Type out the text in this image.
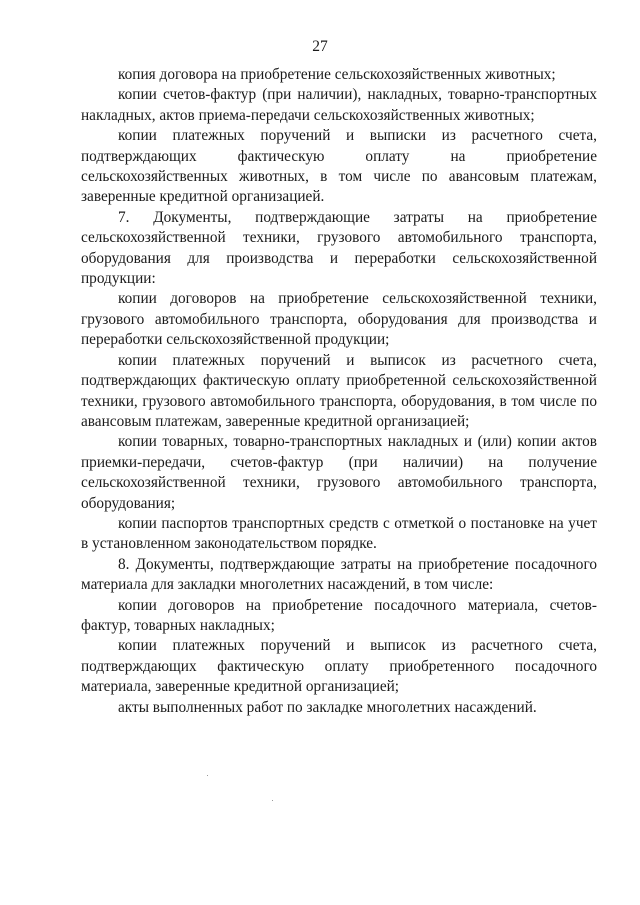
27

копия договора на приобретение сельскохозяйственных животных;

копии счетов-фактур (при наличии), накладных, товарно-транспортных накладных, актов приема-передачи сельскохозяйственных животных;

копии платежных поручений и выписки из расчетного счета, подтверждающих фактическую оплату на приобретение сельскохозяйственных животных, в том числе по авансовым платежам, заверенные кредитной организацией.

7. Документы, подтверждающие затраты на приобретение сельскохозяйственной техники, грузового автомобильного транспорта, оборудования для производства и переработки сельскохозяйственной продукции:

копии договоров на приобретение сельскохозяйственной техники, грузового автомобильного транспорта, оборудования для производства и переработки сельскохозяйственной продукции;

копии платежных поручений и выписок из расчетного счета, подтверждающих фактическую оплату приобретенной сельскохозяйственной техники, грузового автомобильного транспорта, оборудования, в том числе по авансовым платежам, заверенные кредитной организацией;

копии товарных, товарно-транспортных накладных и (или) копии актов приемки-передачи, счетов-фактур (при наличии) на получение сельскохозяйственной техники, грузового автомобильного транспорта, оборудования;

копии паспортов транспортных средств с отметкой о постановке на учет в установленном законодательством порядке.

8. Документы, подтверждающие затраты на приобретение посадочного материала для закладки многолетних насаждений, в том числе:

копии договоров на приобретение посадочного материала, счетов-фактур, товарных накладных;

копии платежных поручений и выписок из расчетного счета, подтверждающих фактическую оплату приобретенного посадочного материала, заверенные кредитной организацией;

акты выполненных работ по закладке многолетних насаждений.
